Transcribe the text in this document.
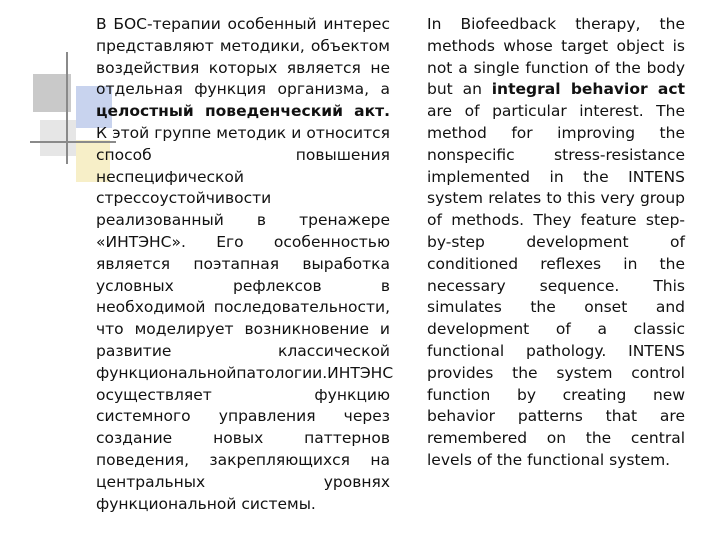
В БОС-терапии особенный интерес представляют методики, объектом воздействия которых является не отдельная функция организма, а целостный поведенческий акт. К этой группе методик и относится способ повышения неспецифической стрессоустойчивости реализованный в тренажере «ИНТЭНС». Его особенностью является поэтапная выработка условных рефлексов в необходимой последовательности, что моделирует возникновение и развитие классической функциональнойпатологии.ИНТЭНС осуществляет функцию системного управления через создание новых паттернов поведения, закрепляющихся на центральных уровнях функциональной системы.
In Biofeedback therapy, the methods whose target object is not a single function of the body but an integral behavior act are of particular interest. The method for improving the nonspecific stress-resistance implemented in the INTENS system relates to this very group of methods. They feature step-by-step development of conditioned reflexes in the necessary sequence. This simulates the onset and development of a classic functional pathology. INTENS provides the system control function by creating new behavior patterns that are remembered on the central levels of the functional system.
